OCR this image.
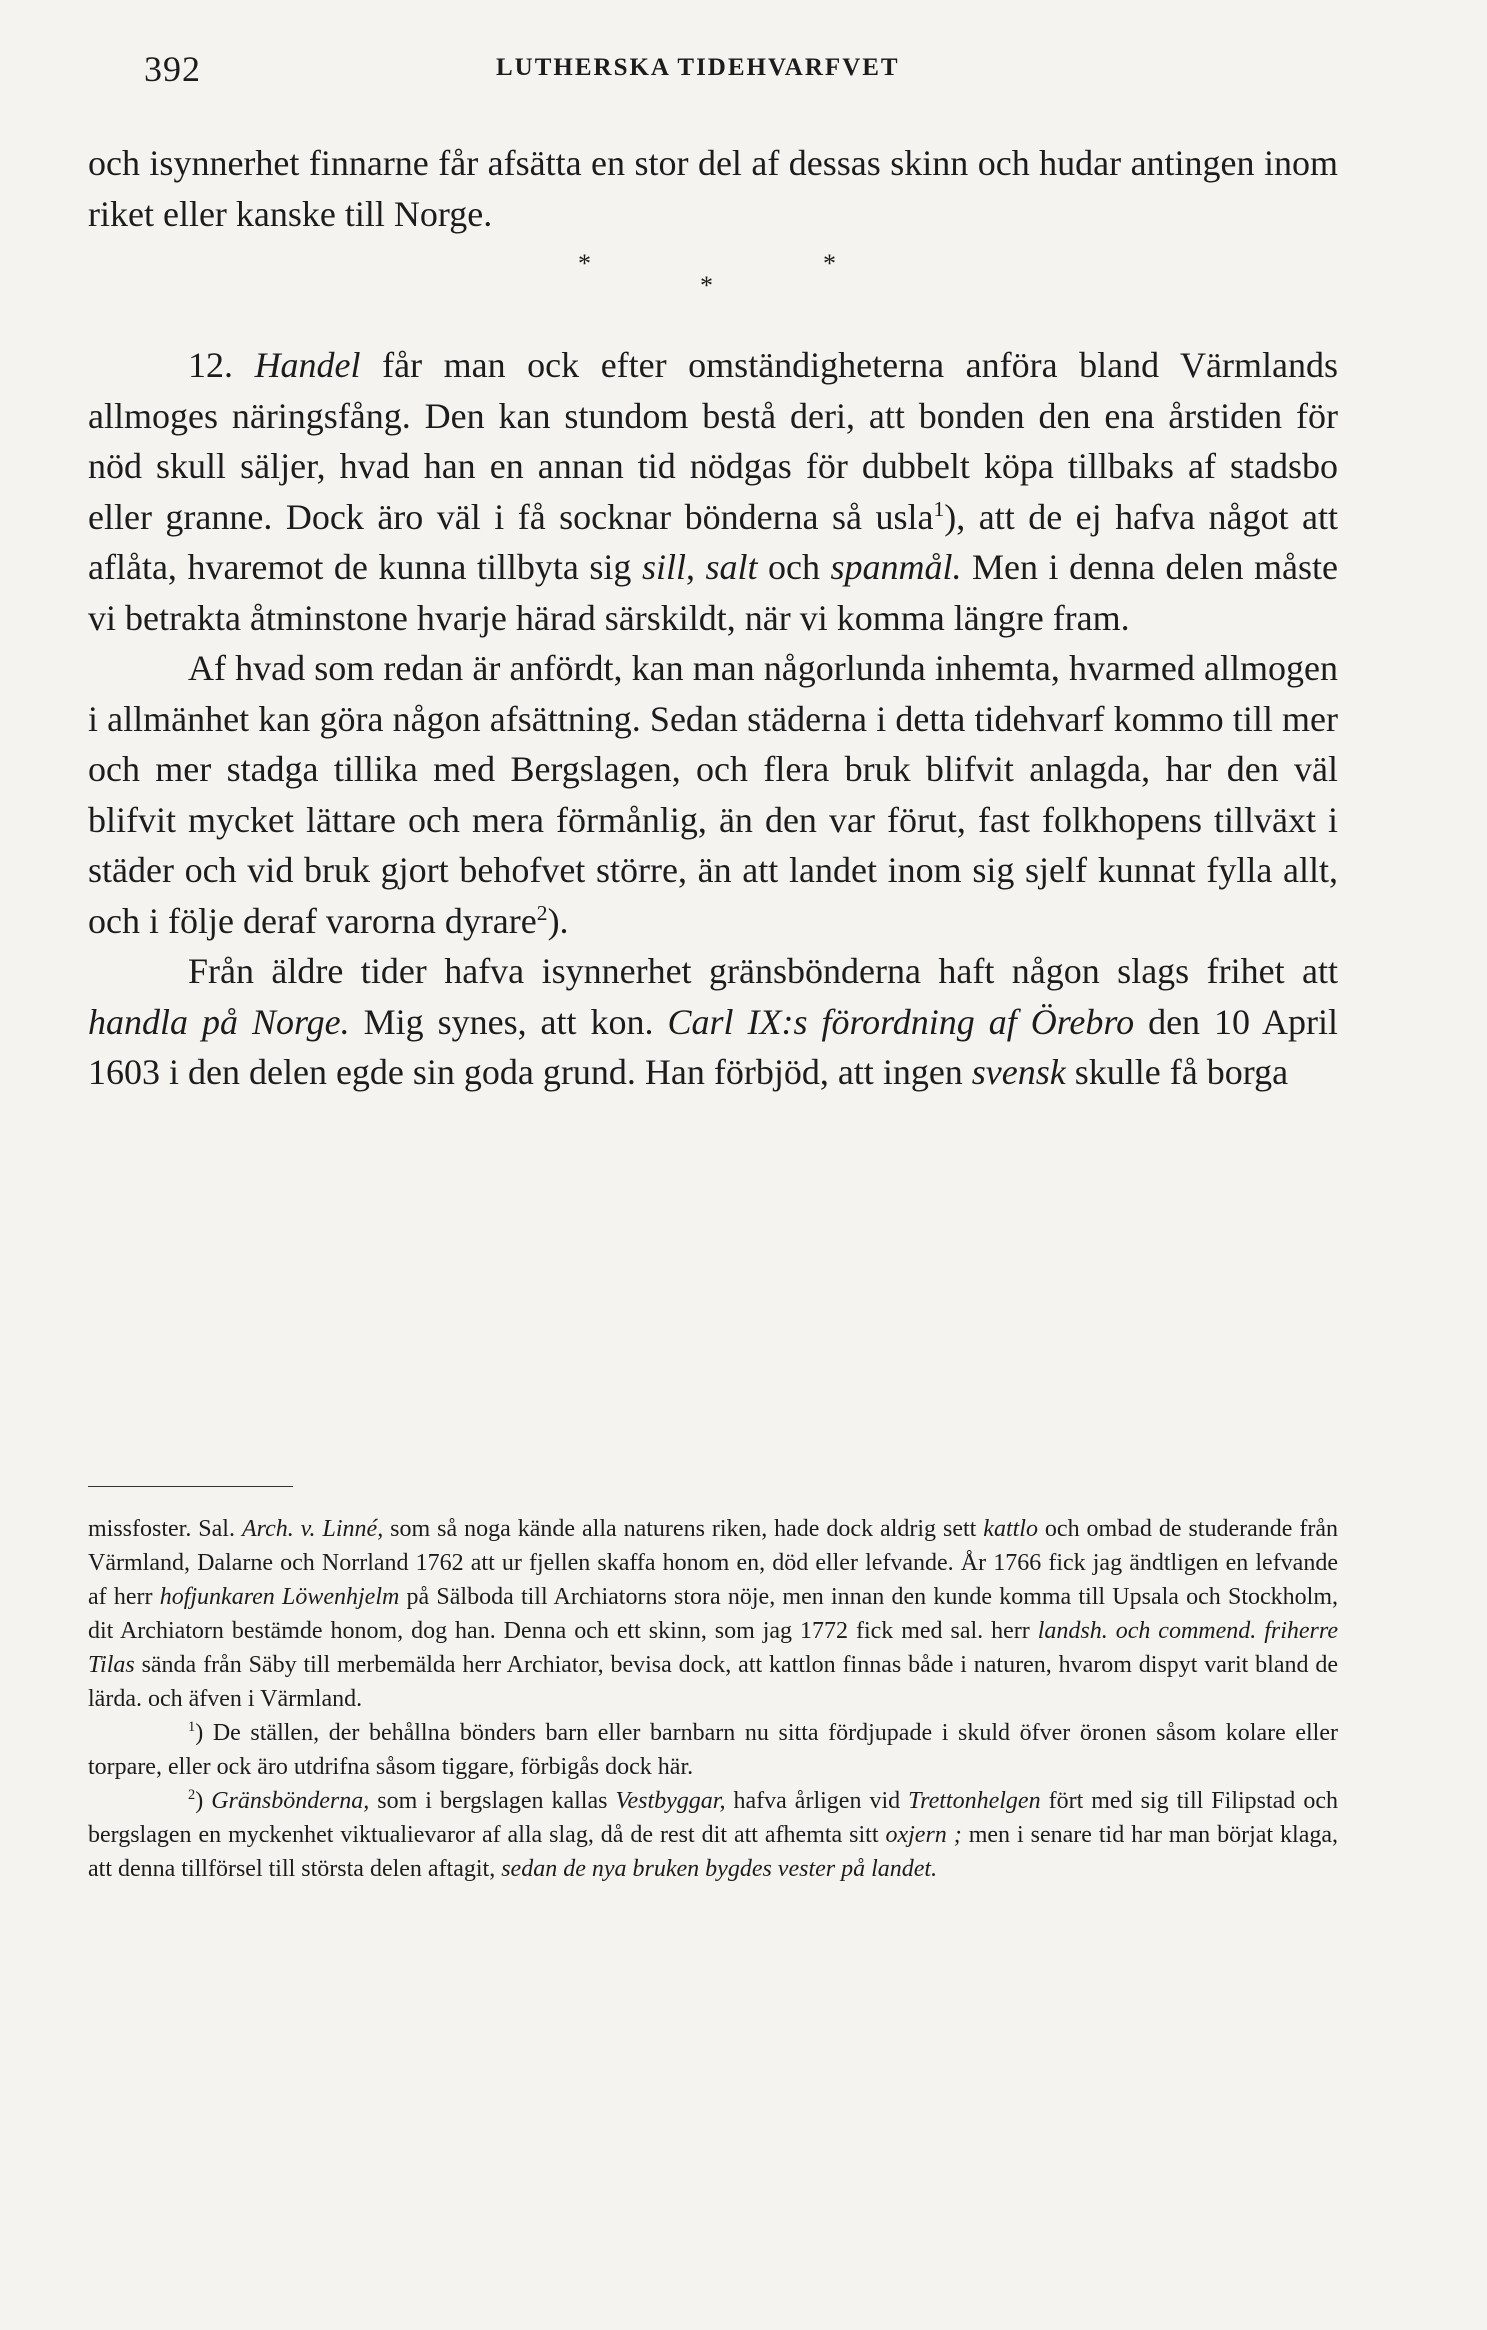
392	LUTHERSKA TIDEHVARFVET

och isynnerhet finnarne får afsätta en stor del af dessas skinn och hudar antingen inom riket eller kanske till Norge.

*	*
*

12. Handel får man ock efter omständigheterna anföra bland Värmlands allmoges näringsfång. Den kan stundom bestå deri, att bonden den ena årstiden för nöd skull säljer, hvad han en annan tid nödgas för dubbelt köpa tillbaks af stadsbo eller granne. Dock äro väl i få socknar bönderna så usla$^1$), att de ej hafva något att aflåta, hvaremot de kunna tillbyta sig sill, salt och spanmål. Men i denna delen måste vi betrakta åtminstone hvarje härad särskildt, när vi komma längre fram.

Af hvad som redan är anfördt, kan man någorlunda inhemta, hvarmed allmogen i allmänhet kan göra någon afsättning. Sedan städerna i detta tidehvarf kommo till mer och mer stadga tillika med Bergslagen, och flera bruk blifvit anlagda, har den väl blifvit mycket lättare och mera förmånlig, än den var förut, fast folkhopens tillväxt i städer och vid bruk gjort behofvet större, än att landet inom sig sjelf kunnat fylla allt, och i följe deraf varorna dyrare$^2$).

Från äldre tider hafva isynnerhet gränsbönderna haft någon slags frihet att handla på Norge. Mig synes, att kon. Carl IX:s förordning af Örebro den 10 April 1603 i den delen egde sin goda grund. Han förbjöd, att ingen svensk skulle få borga

missfoster. Sal. Arch. v. Linné, som så noga kände alla naturens riken, hade dock aldrig sett kattlo och ombad de studerande från Värmland, Dalarne och Norrland 1762 att ur fjellen skaffa honom en, död eller lefvande. År 1766 fick jag ändtligen en lefvande af herr hofjunkaren Löwenhjelm på Sälboda till Archiatorns stora nöje, men innan den kunde komma till Upsala och Stockholm, dit Archiatorn bestämde honom, dog han. Denna och ett skinn, som jag 1772 fick med sal. herr landsh. och commend. friherre Tilas sända från Säby till merbemälda herr Archiator, bevisa dock, att kattlon finnas både i naturen, hvarom dispyt varit bland de lärda. och äfven i Värmland.

$^1$) De ställen, der behållna bönders barn eller barnbarn nu sitta fördjupade i skuld öfver öronen såsom kolare eller torpare, eller ock äro utdrifna såsom tiggare, förbigås dock här.

$^2$) Gränsbönderna, som i bergslagen kallas Vestbyggar, hafva årligen vid Trettonhelgen fört med sig till Filipstad och bergslagen en myckenhet viktualievaror af alla slag, då de rest dit att afhemta sitt oxjern ; men i senare tid har man börjat klaga, att denna tillförsel till största delen aftagit, sedan de nya bruken bygdes vester på landet.
